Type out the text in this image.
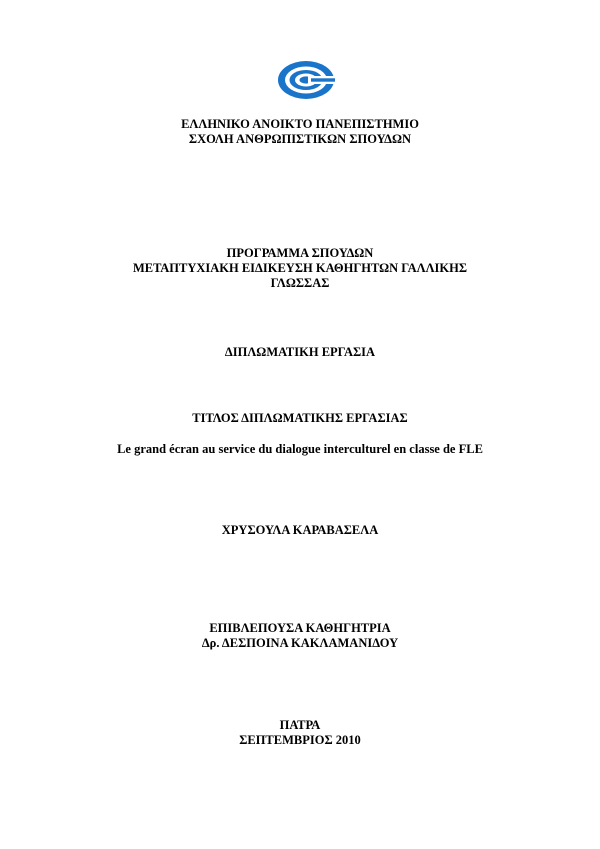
ΕΛΛΗΝΙΚΟ ΑΝΟΙΚΤΟ ΠΑΝΕΠΙΣΤΗΜΙΟ
ΣΧΟΛΗ ΑΝΘΡΩΠΙΣΤΙΚΩΝ ΣΠΟΥΔΩΝ
ΠΡΟΓΡΑΜΜΑ ΣΠΟΥΔΩΝ
ΜΕΤΑΠΤΥΧΙΑΚΗ ΕΙΔΙΚΕΥΣΗ ΚΑΘΗΓΗΤΩΝ ΓΑΛΛΙΚΗΣ
ΓΛΩΣΣΑΣ
ΔΙΠΛΩΜΑΤΙΚΗ ΕΡΓΑΣΙΑ
ΤΙΤΛΟΣ ΔΙΠΛΩΜΑΤΙΚΗΣ ΕΡΓΑΣΙΑΣ
Le grand écran au service du dialogue interculturel en classe de FLE
ΧΡΥΣΟΥΛΑ ΚΑΡΑΒΑΣΕΛΑ
ΕΠΙΒΛΕΠΟΥΣΑ ΚΑΘΗΓΗΤΡΙΑ
Δρ. ΔΕΣΠΟΙΝΑ ΚΑΚΛΑΜΑΝΙΔΟΥ
ΠΑΤΡΑ
ΣΕΠΤΕΜΒΡΙΟΣ 2010
